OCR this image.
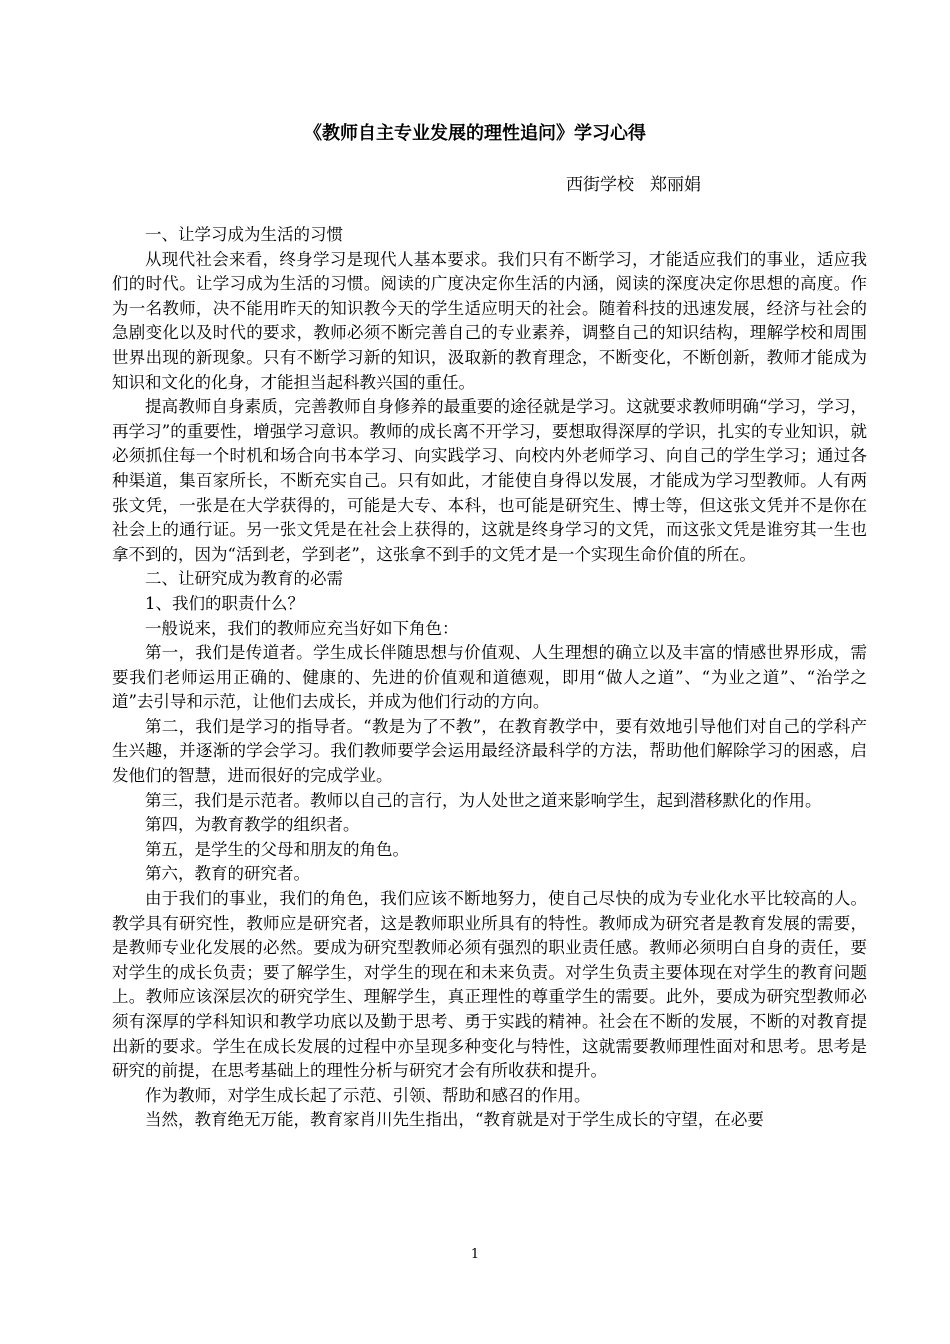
《教师自主专业发展的理性追问》学习心得
西街学校 郑丽娟

一、让学习成为生活的习惯

从现代社会来看，终身学习是现代人基本要求。我们只有不断学习，才能适应我们的事业，适应我们的时代。让学习成为生活的习惯。阅读的广度决定你生活的内涵，阅读的深度决定你思想的高度。作为一名教师，决不能用昨天的知识教今天的学生适应明天的社会。随着科技的迅速发展，经济与社会的急剧变化以及时代的要求，教师必须不断完善自己的专业素养，调整自己的知识结构，理解学校和周围世界出现的新现象。只有不断学习新的知识，汲取新的教育理念，不断变化，不断创新，教师才能成为知识和文化的化身，才能担当起科教兴国的重任。

提高教师自身素质，完善教师自身修养的最重要的途径就是学习。这就要求教师明确“学习，学习，再学习”的重要性，增强学习意识。教师的成长离不开学习，要想取得深厚的学识，扎实的专业知识，就必须抓住每一个时机和场合向书本学习、向实践学习、向校内外老师学习、向自己的学生学习；通过各种渠道，集百家所长，不断充实自己。只有如此，才能使自身得以发展，才能成为学习型教师。人有两张文凭，一张是在大学获得的，可能是大专、本科，也可能是研究生、博士等，但这张文凭并不是你在社会上的通行证。另一张文凭是在社会上获得的，这就是终身学习的文凭，而这张文凭是谁穷其一生也拿不到的，因为“活到老，学到老”，这张拿不到手的文凭才是一个实现生命价值的所在。

二、让研究成为教育的必需

1、我们的职责什么？

一般说来，我们的教师应充当好如下角色：

第一，我们是传道者。学生成长伴随思想与价值观、人生理想的确立以及丰富的情感世界形成，需要我们老师运用正确的、健康的、先进的价值观和道德观，即用“做人之道”、“为业之道”、“治学之道”去引导和示范，让他们去成长，并成为他们行动的方向。

第二，我们是学习的指导者。“教是为了不教”，在教育教学中，要有效地引导他们对自己的学科产生兴趣，并逐渐的学会学习。我们教师要学会运用最经济最科学的方法，帮助他们解除学习的困惑，启发他们的智慧，进而很好的完成学业。

第三，我们是示范者。教师以自己的言行，为人处世之道来影响学生，起到潜移默化的作用。

第四，为教育教学的组织者。

第五，是学生的父母和朋友的角色。

第六，教育的研究者。

由于我们的事业，我们的角色，我们应该不断地努力，使自己尽快的成为专业化水平比较高的人。教学具有研究性，教师应是研究者，这是教师职业所具有的特性。教师成为研究者是教育发展的需要，是教师专业化发展的必然。要成为研究型教师必须有强烈的职业责任感。教师必须明白自身的责任，要对学生的成长负责；要了解学生，对学生的现在和未来负责。对学生负责主要体现在对学生的教育问题上。教师应该深层次的研究学生、理解学生，真正理性的尊重学生的需要。此外，要成为研究型教师必须有深厚的学科知识和教学功底以及勤于思考、勇于实践的精神。社会在不断的发展，不断的对教育提出新的要求。学生在成长发展的过程中亦呈现多种变化与特性，这就需要教师理性面对和思考。思考是研究的前提，在思考基础上的理性分析与研究才会有所收获和提升。

作为教师，对学生成长起了示范、引领、帮助和感召的作用。

当然，教育绝无万能，教育家肖川先生指出，“教育就是对于学生成长的守望，在必要

1
